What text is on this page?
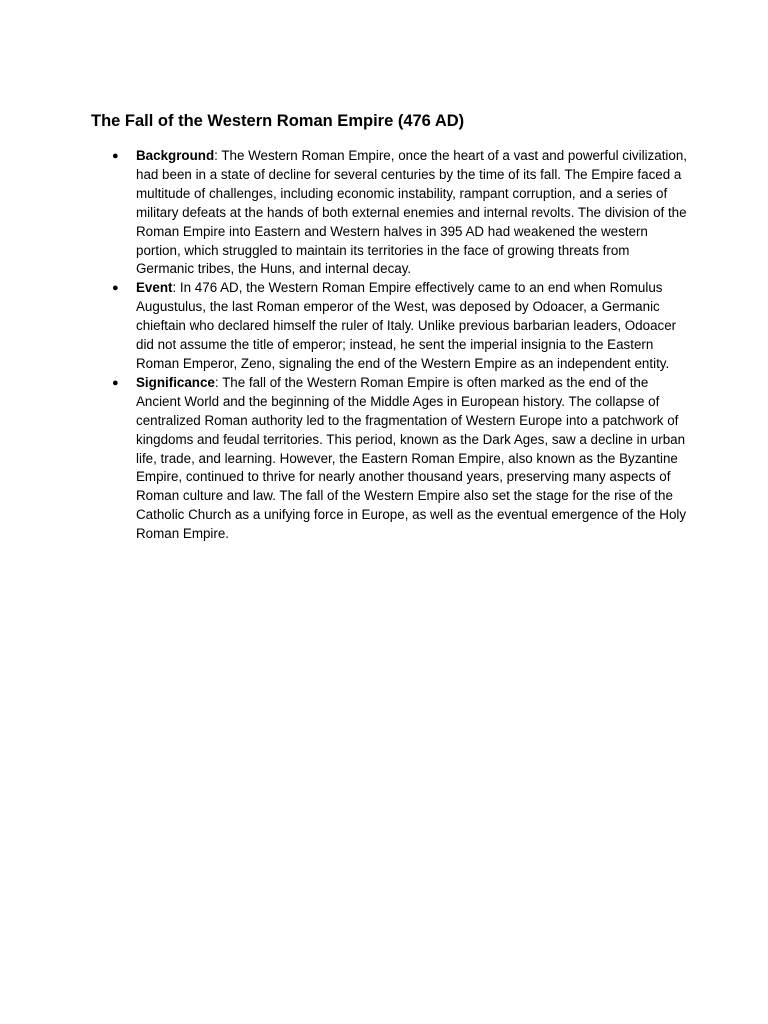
The Fall of the Western Roman Empire (476 AD)
● Background: The Western Roman Empire, once the heart of a vast and powerful civilization, had been in a state of decline for several centuries by the time of its fall. The Empire faced a multitude of challenges, including economic instability, rampant corruption, and a series of military defeats at the hands of both external enemies and internal revolts. The division of the Roman Empire into Eastern and Western halves in 395 AD had weakened the western portion, which struggled to maintain its territories in the face of growing threats from Germanic tribes, the Huns, and internal decay.
● Event: In 476 AD, the Western Roman Empire effectively came to an end when Romulus Augustulus, the last Roman emperor of the West, was deposed by Odoacer, a Germanic chieftain who declared himself the ruler of Italy. Unlike previous barbarian leaders, Odoacer did not assume the title of emperor; instead, he sent the imperial insignia to the Eastern Roman Emperor, Zeno, signaling the end of the Western Empire as an independent entity.
● Significance: The fall of the Western Roman Empire is often marked as the end of the Ancient World and the beginning of the Middle Ages in European history. The collapse of centralized Roman authority led to the fragmentation of Western Europe into a patchwork of kingdoms and feudal territories. This period, known as the Dark Ages, saw a decline in urban life, trade, and learning. However, the Eastern Roman Empire, also known as the Byzantine Empire, continued to thrive for nearly another thousand years, preserving many aspects of Roman culture and law. The fall of the Western Empire also set the stage for the rise of the Catholic Church as a unifying force in Europe, as well as the eventual emergence of the Holy Roman Empire.
